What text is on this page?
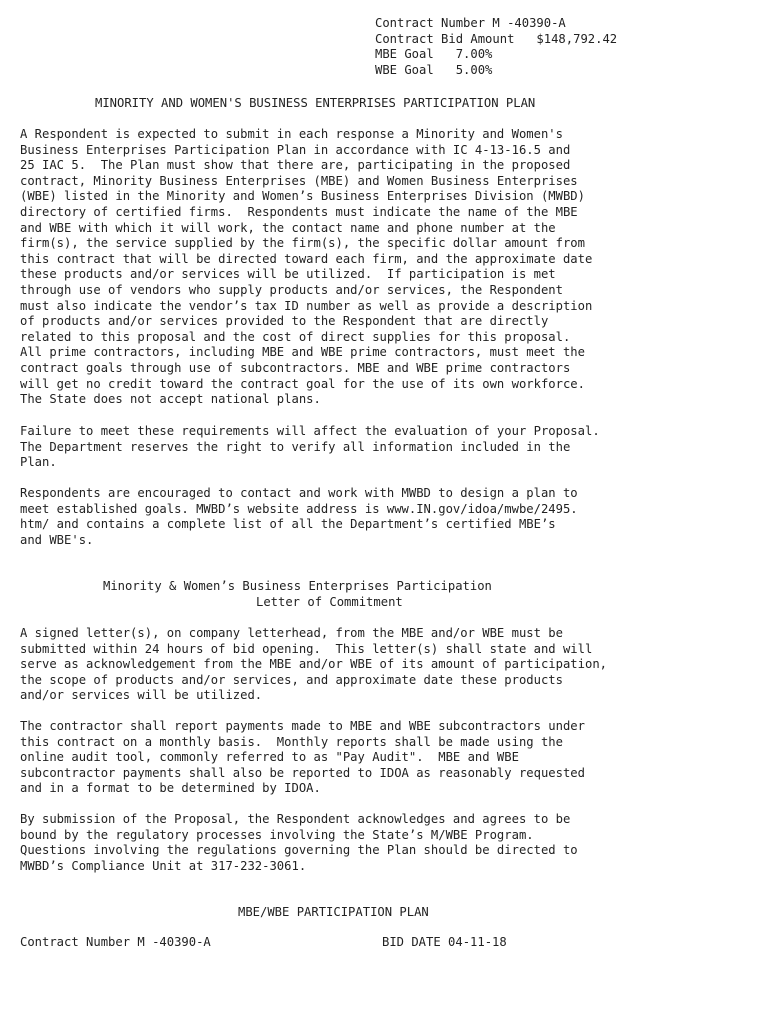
Contract Number M -40390-A
Contract Bid Amount $148,792.42
MBE Goal   7.00%
WBE Goal   5.00%
MINORITY AND WOMEN'S BUSINESS ENTERPRISES PARTICIPATION PLAN
A Respondent is expected to submit in each response a Minority and Women's
Business Enterprises Participation Plan in accordance with IC 4-13-16.5 and
25 IAC 5.  The Plan must show that there are, participating in the proposed
contract, Minority Business Enterprises (MBE) and Women Business Enterprises
(WBE) listed in the Minority and Women’s Business Enterprises Division (MWBD)
directory of certified firms.  Respondents must indicate the name of the MBE
and WBE with which it will work, the contact name and phone number at the
firm(s), the service supplied by the firm(s), the specific dollar amount from
this contract that will be directed toward each firm, and the approximate date
these products and/or services will be utilized.  If participation is met
through use of vendors who supply products and/or services, the Respondent
must also indicate the vendor’s tax ID number as well as provide a description
of products and/or services provided to the Respondent that are directly
related to this proposal and the cost of direct supplies for this proposal.
All prime contractors, including MBE and WBE prime contractors, must meet the
contract goals through use of subcontractors. MBE and WBE prime contractors
will get no credit toward the contract goal for the use of its own workforce.
The State does not accept national plans.
Failure to meet these requirements will affect the evaluation of your Proposal.
The Department reserves the right to verify all information included in the
Plan.
Respondents are encouraged to contact and work with MWBD to design a plan to
meet established goals. MWBD’s website address is www.IN.gov/idoa/mwbe/2495.
htm/ and contains a complete list of all the Department’s certified MBE’s
and WBE's.
Minority & Women’s Business Enterprises Participation
Letter of Commitment
A signed letter(s), on company letterhead, from the MBE and/or WBE must be
submitted within 24 hours of bid opening.  This letter(s) shall state and will
serve as acknowledgement from the MBE and/or WBE of its amount of participation,
the scope of products and/or services, and approximate date these products
and/or services will be utilized.
The contractor shall report payments made to MBE and WBE subcontractors under
this contract on a monthly basis.  Monthly reports shall be made using the
online audit tool, commonly referred to as "Pay Audit".  MBE and WBE
subcontractor payments shall also be reported to IDOA as reasonably requested
and in a format to be determined by IDOA.
By submission of the Proposal, the Respondent acknowledges and agrees to be
bound by the regulatory processes involving the State’s M/WBE Program.
Questions involving the regulations governing the Plan should be directed to
MWBD’s Compliance Unit at 317-232-3061.
MBE/WBE PARTICIPATION PLAN
Contract Number M -40390-A	BID DATE 04-11-18
